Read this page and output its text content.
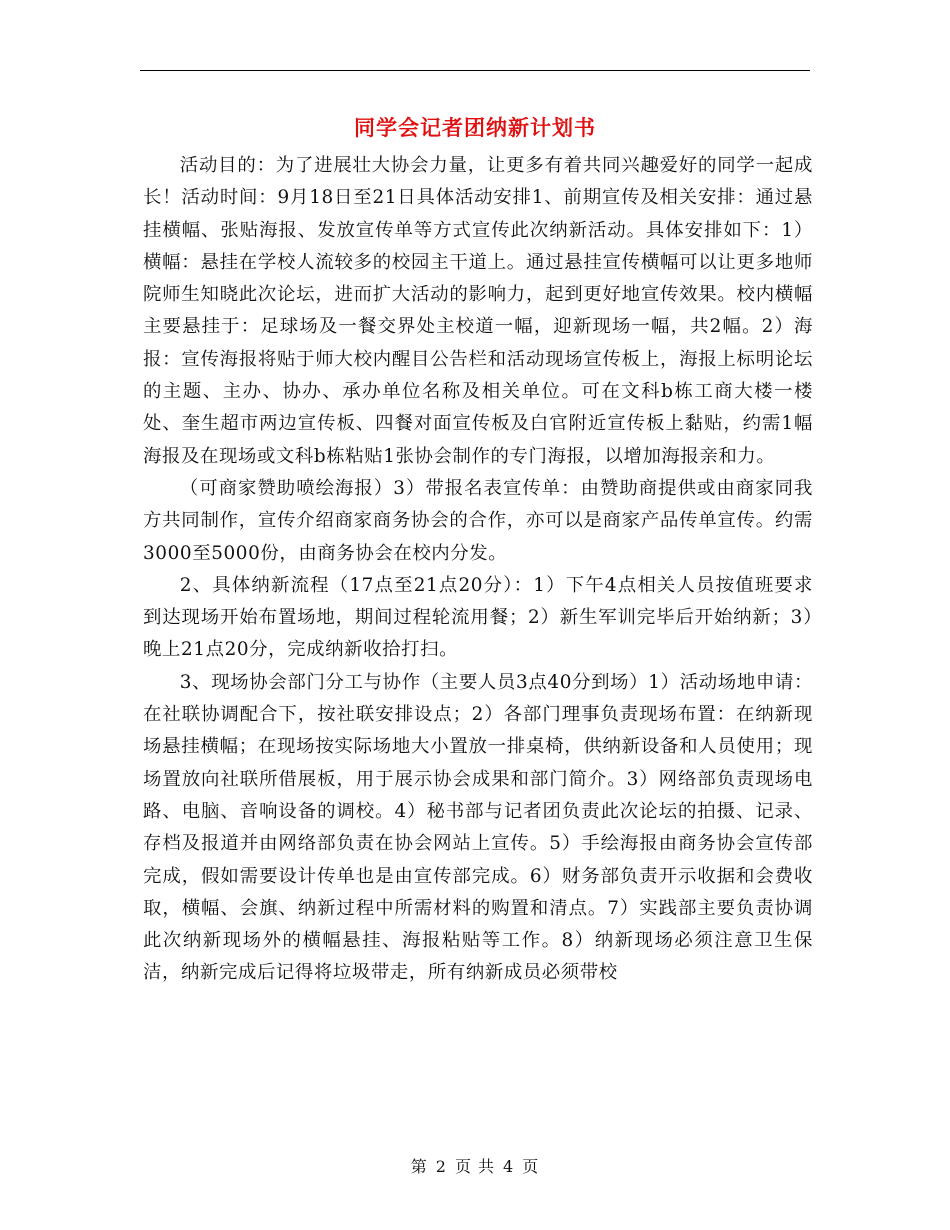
同学会记者团纳新计划书

活动目的：为了进展壮大协会力量，让更多有着共同兴趣爱好的同学一起成长！活动时间：9月18日至21日具体活动安排1、前期宣传及相关安排：通过悬挂横幅、张贴海报、发放宣传单等方式宣传此次纳新活动。具体安排如下：1）横幅：悬挂在学校人流较多的校园主干道上。通过悬挂宣传横幅可以让更多地师院师生知晓此次论坛，进而扩大活动的影响力，起到更好地宣传效果。校内横幅主要悬挂于：足球场及一餐交界处主校道一幅，迎新现场一幅，共2幅。2）海报：宣传海报将贴于师大校内醒目公告栏和活动现场宣传板上，海报上标明论坛的主题、主办、协办、承办单位名称及相关单位。可在文科b栋工商大楼一楼处、奎生超市两边宣传板、四餐对面宣传板及白官附近宣传板上黏贴，约需1幅海报及在现场或文科b栋粘贴1张协会制作的专门海报，以增加海报亲和力。

（可商家赞助喷绘海报）3）带报名表宣传单：由赞助商提供或由商家同我方共同制作，宣传介绍商家商务协会的合作，亦可以是商家产品传单宣传。约需3000至5000份，由商务协会在校内分发。

2、具体纳新流程（17点至21点20分）：1）下午4点相关人员按值班要求到达现场开始布置场地，期间过程轮流用餐；2）新生军训完毕后开始纳新；3）晚上21点20分，完成纳新收拾打扫。

3、现场协会部门分工与协作（主要人员3点40分到场）1）活动场地申请：在社联协调配合下，按社联安排设点；2）各部门理事负责现场布置：在纳新现场悬挂横幅；在现场按实际场地大小置放一排桌椅，供纳新设备和人员使用；现场置放向社联所借展板，用于展示协会成果和部门简介。3）网络部负责现场电路、电脑、音响设备的调校。4）秘书部与记者团负责此次论坛的拍摄、记录、存档及报道并由网络部负责在协会网站上宣传。5）手绘海报由商务协会宣传部完成，假如需要设计传单也是由宣传部完成。6）财务部负责开示收据和会费收取，横幅、会旗、纳新过程中所需材料的购置和清点。7）实践部主要负责协调此次纳新现场外的横幅悬挂、海报粘贴等工作。8）纳新现场必须注意卫生保洁，纳新完成后记得将垃圾带走，所有纳新成员必须带校

第 2 页 共 4 页
